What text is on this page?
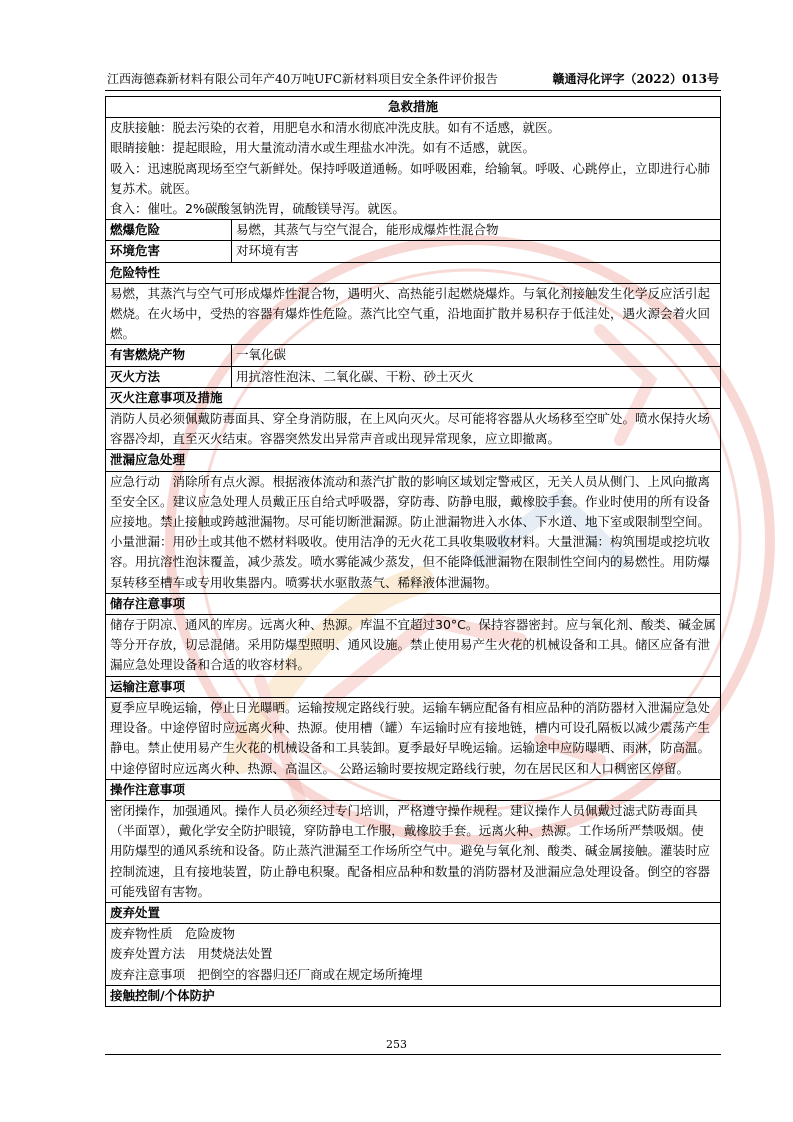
江西海德森新材料有限公司年产40万吨UFC新材料项目安全条件评价报告	赣通浔化评字（2022）013号
急救措施	

皮肤接触：脱去污染的衣着，用肥皂水和清水彻底冲洗皮肤。如有不适感，就医。
眼睛接触：提起眼睑，用大量流动清水或生理盐水冲洗。如有不适感，就医。
吸入：迅速脱离现场至空气新鲜处。保持呼吸道通畅。如呼吸困难，给输氧。呼吸、心跳停止，立即进行心肺复苏术。就医。
食入：催吐。2%碳酸氢钠洗胃，硫酸镁导泻。就医。	

燃爆危险	易燃，其蒸气与空气混合，能形成爆炸性混合物
环境危害	对环境有害
危险特性	
易燃，其蒸汽与空气可形成爆炸性混合物，遇明火、高热能引起燃烧爆炸。与氧化剂接触发生化学反应活引起燃烧。在火场中，受热的容器有爆炸性危险。蒸汽比空气重，沿地面扩散并易积存于低洼处，遇火源会着火回燃。	
有害燃烧产物	一氧化碳
灭火方法	用抗溶性泡沫、二氧化碳、干粉、砂土灭火
灭火注意事项及措施	
消防人员必须佩戴防毒面具、穿全身消防服，在上风向灭火。尽可能将容器从火场移至空旷处。喷水保持火场容器冷却，直至灭火结束。容器突然发出异常声音或出现异常现象，应立即撤离。	
泄漏应急处理	
应急行动　消除所有点火源。根据液体流动和蒸汽扩散的影响区域划定警戒区，无关人员从侧门、上风向撤离至安全区。建议应急处理人员戴正压自给式呼吸器，穿防毒、防静电服，戴橡胶手套。作业时使用的所有设备应接地。禁止接触或跨越泄漏物。尽可能切断泄漏源。防止泄漏物进入水体、下水道、地下室或限制型空间。小量泄漏：用砂土或其他不燃材料吸收。使用洁净的无火花工具收集吸收材料。大量泄漏：构筑围堤或挖坑收容。用抗溶性泡沫覆盖，减少蒸发。喷水雾能减少蒸发，但不能降低泄漏物在限制性空间内的易燃性。用防爆泵转移至槽车或专用收集器内。喷雾状水驱散蒸气、稀释液体泄漏物。	
储存注意事项	
储存于阴凉、通风的库房。远离火种、热源。库温不宜超过30°C。保持容器密封。应与氧化剂、酸类、碱金属等分开存放，切忌混储。采用防爆型照明、通风设施。禁止使用易产生火花的机械设备和工具。储区应备有泄漏应急处理设备和合适的收容材料。	
运输注意事项	
夏季应早晚运输，停止日光曝晒。运输按规定路线行驶。运输车辆应配备有相应品种的消防器材入泄漏应急处理设备。中途停留时应远离火种、热源。使用槽（罐）车运输时应有接地链，槽内可设孔隔板以减少震荡产生静电。禁止使用易产生火花的机械设备和工具装卸。夏季最好早晚运输。运输途中应防曝晒、雨淋，防高温。 中途停留时应远离火种、热源、高温区。 公路运输时要按规定路线行驶，勿在居民区和人口稠密区停留。	
操作注意事项	
密闭操作，加强通风。操作人员必须经过专门培训，严格遵守操作规程。建议操作人员佩戴过滤式防毒面具（半面罩），戴化学安全防护眼镜，穿防静电工作服，戴橡胶手套。远离火种、热源。工作场所严禁吸烟。使用防爆型的通风系统和设备。防止蒸汽泄漏至工作场所空气中。避免与氧化剂、酸类、碱金属接触。灌装时应控制流速，且有接地装置，防止静电积聚。配备相应品种和数量的消防器材及泄漏应急处理设备。倒空的容器可能残留有害物。	
废弃处置	

废弃物性质　危险废物
废弃处置方法　用焚烧法处置
废弃注意事项　把倒空的容器归还厂商或在规定场所掩埋	

接触控制/个体防护	
253
